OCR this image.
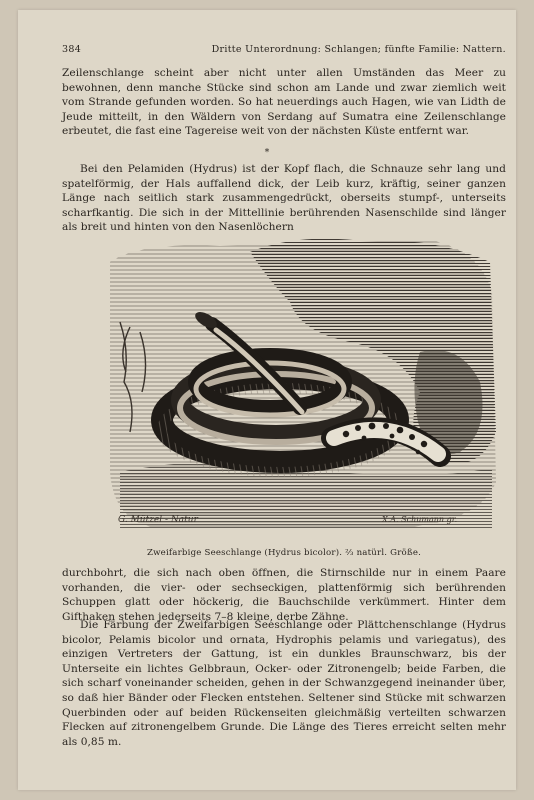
384	Dritte Unterordnung: Schlangen; fünfte Familie: Nattern.

Zeilenschlange scheint aber nicht unter allen Umständen das Meer zu bewohnen, denn manche Stücke sind schon am Lande und zwar ziemlich weit vom Strande gefunden worden. So hat neuerdings auch Hagen, wie van Lidth de Jeude mitteilt, in den Wäldern von Serdang auf Sumatra eine Zeilenschlange erbeutet, die fast eine Tagereise weit von der nächsten Küste entfernt war.

*

Bei den Pelamiden (Hydrus) ist der Kopf flach, die Schnauze sehr lang und spatelförmig, der Hals auffallend dick, der Leib kurz, kräftig, seiner ganzen Länge nach seitlich stark zusammengedrückt, oberseits stumpf-, unterseits scharfkantig. Die sich in der Mittellinie berührenden Nasenschilde sind länger als breit und hinten von den Nasenlöchern

G. Mützel - Natur	X.A. Schumann gr.
Zweifarbige Seeschlange (Hydrus bicolor). ⅔ natürl. Größe.

durchbohrt, die sich nach oben öffnen, die Stirnschilde nur in einem Paare vorhanden, die vier- oder sechseckigen, plattenförmig sich berührenden Schuppen glatt oder höckerig, die Bauchschilde verkümmert. Hinter dem Gifthaken stehen jederseits 7–8 kleine, derbe Zähne.

Die Färbung der Zweifarbigen Seeschlange oder Plättchenschlange (Hydrus bicolor, Pelamis bicolor und ornata, Hydrophis pelamis und variegatus), des einzigen Vertreters der Gattung, ist ein dunkles Braunschwarz, bis der Unterseite ein lichtes Gelbbraun, Ocker- oder Zitronengelb; beide Farben, die sich scharf voneinander scheiden, gehen in der Schwanzgegend ineinander über, so daß hier Bänder oder Flecken entstehen. Seltener sind Stücke mit schwarzen Querbinden oder auf beiden Rückenseiten gleichmäßig verteilten schwarzen Flecken auf zitronengelbem Grunde. Die Länge des Tieres erreicht selten mehr als 0,85 m.
